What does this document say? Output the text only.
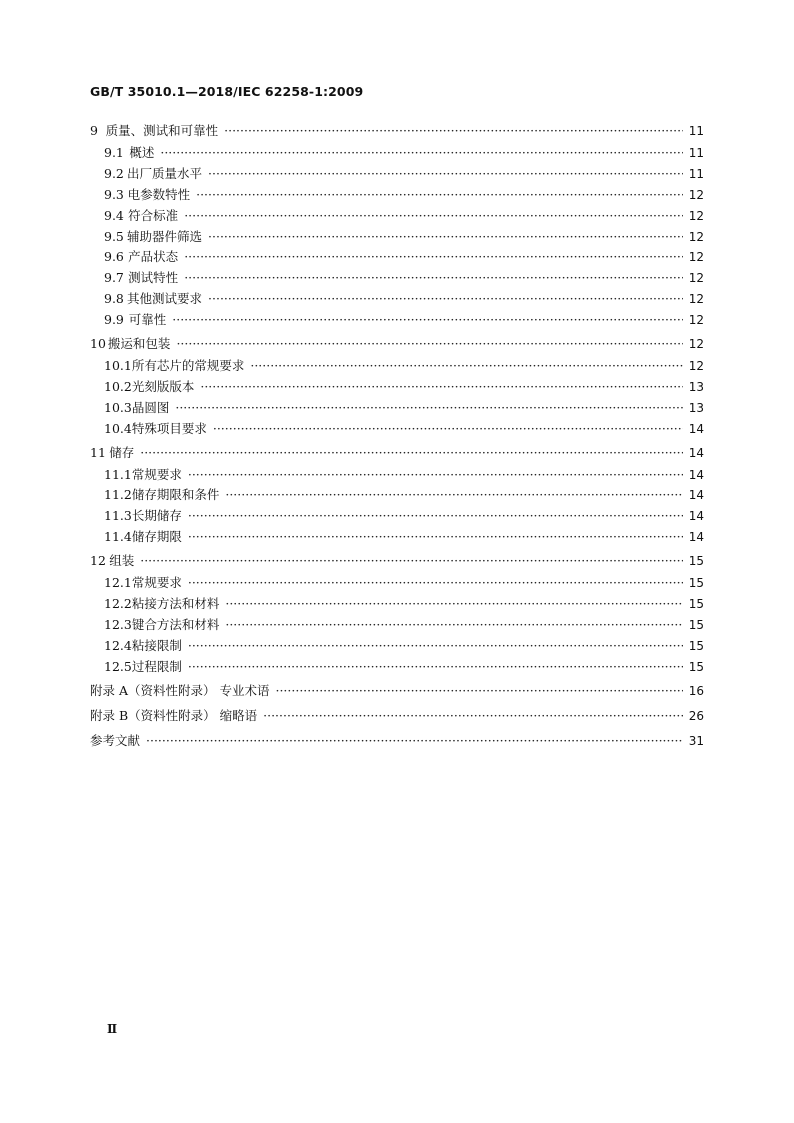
GB/T 35010.1—2018/IEC 62258-1:2009
9 质量、测试和可靠性 ·····	11
9.1 概述 ·····	11
9.2 出厂质量水平 ·····	11
9.3 电参数特性 ·····	12
9.4 符合标准 ·····	12
9.5 辅助器件筛选 ·····	12
9.6 产品状态 ·····	12
9.7 测试特性 ·····	12
9.8 其他测试要求 ·····	12
9.9 可靠性 ·····	12
10 搬运和包装 ·····	12
10.1 所有芯片的常规要求 ·····	12
10.2 光刻版版本 ·····	13
10.3 晶圆图 ·····	13
10.4 特殊项目要求 ·····	14
11 储存 ·····	14
11.1 常规要求 ·····	14
11.2 储存期限和条件 ·····	14
11.3 长期储存 ·····	14
11.4 储存期限 ·····	14
12 组装 ·····	15
12.1 常规要求 ·····	15
12.2 粘接方法和材料 ·····	15
12.3 键合方法和材料 ·····	15
12.4 粘接限制 ·····	15
12.5 过程限制 ·····	15
附录 A（资料性附录） 专业术语 ·····	16
附录 B（资料性附录） 缩略语 ·····	26
参考文献 ·····	31
Ⅱ
